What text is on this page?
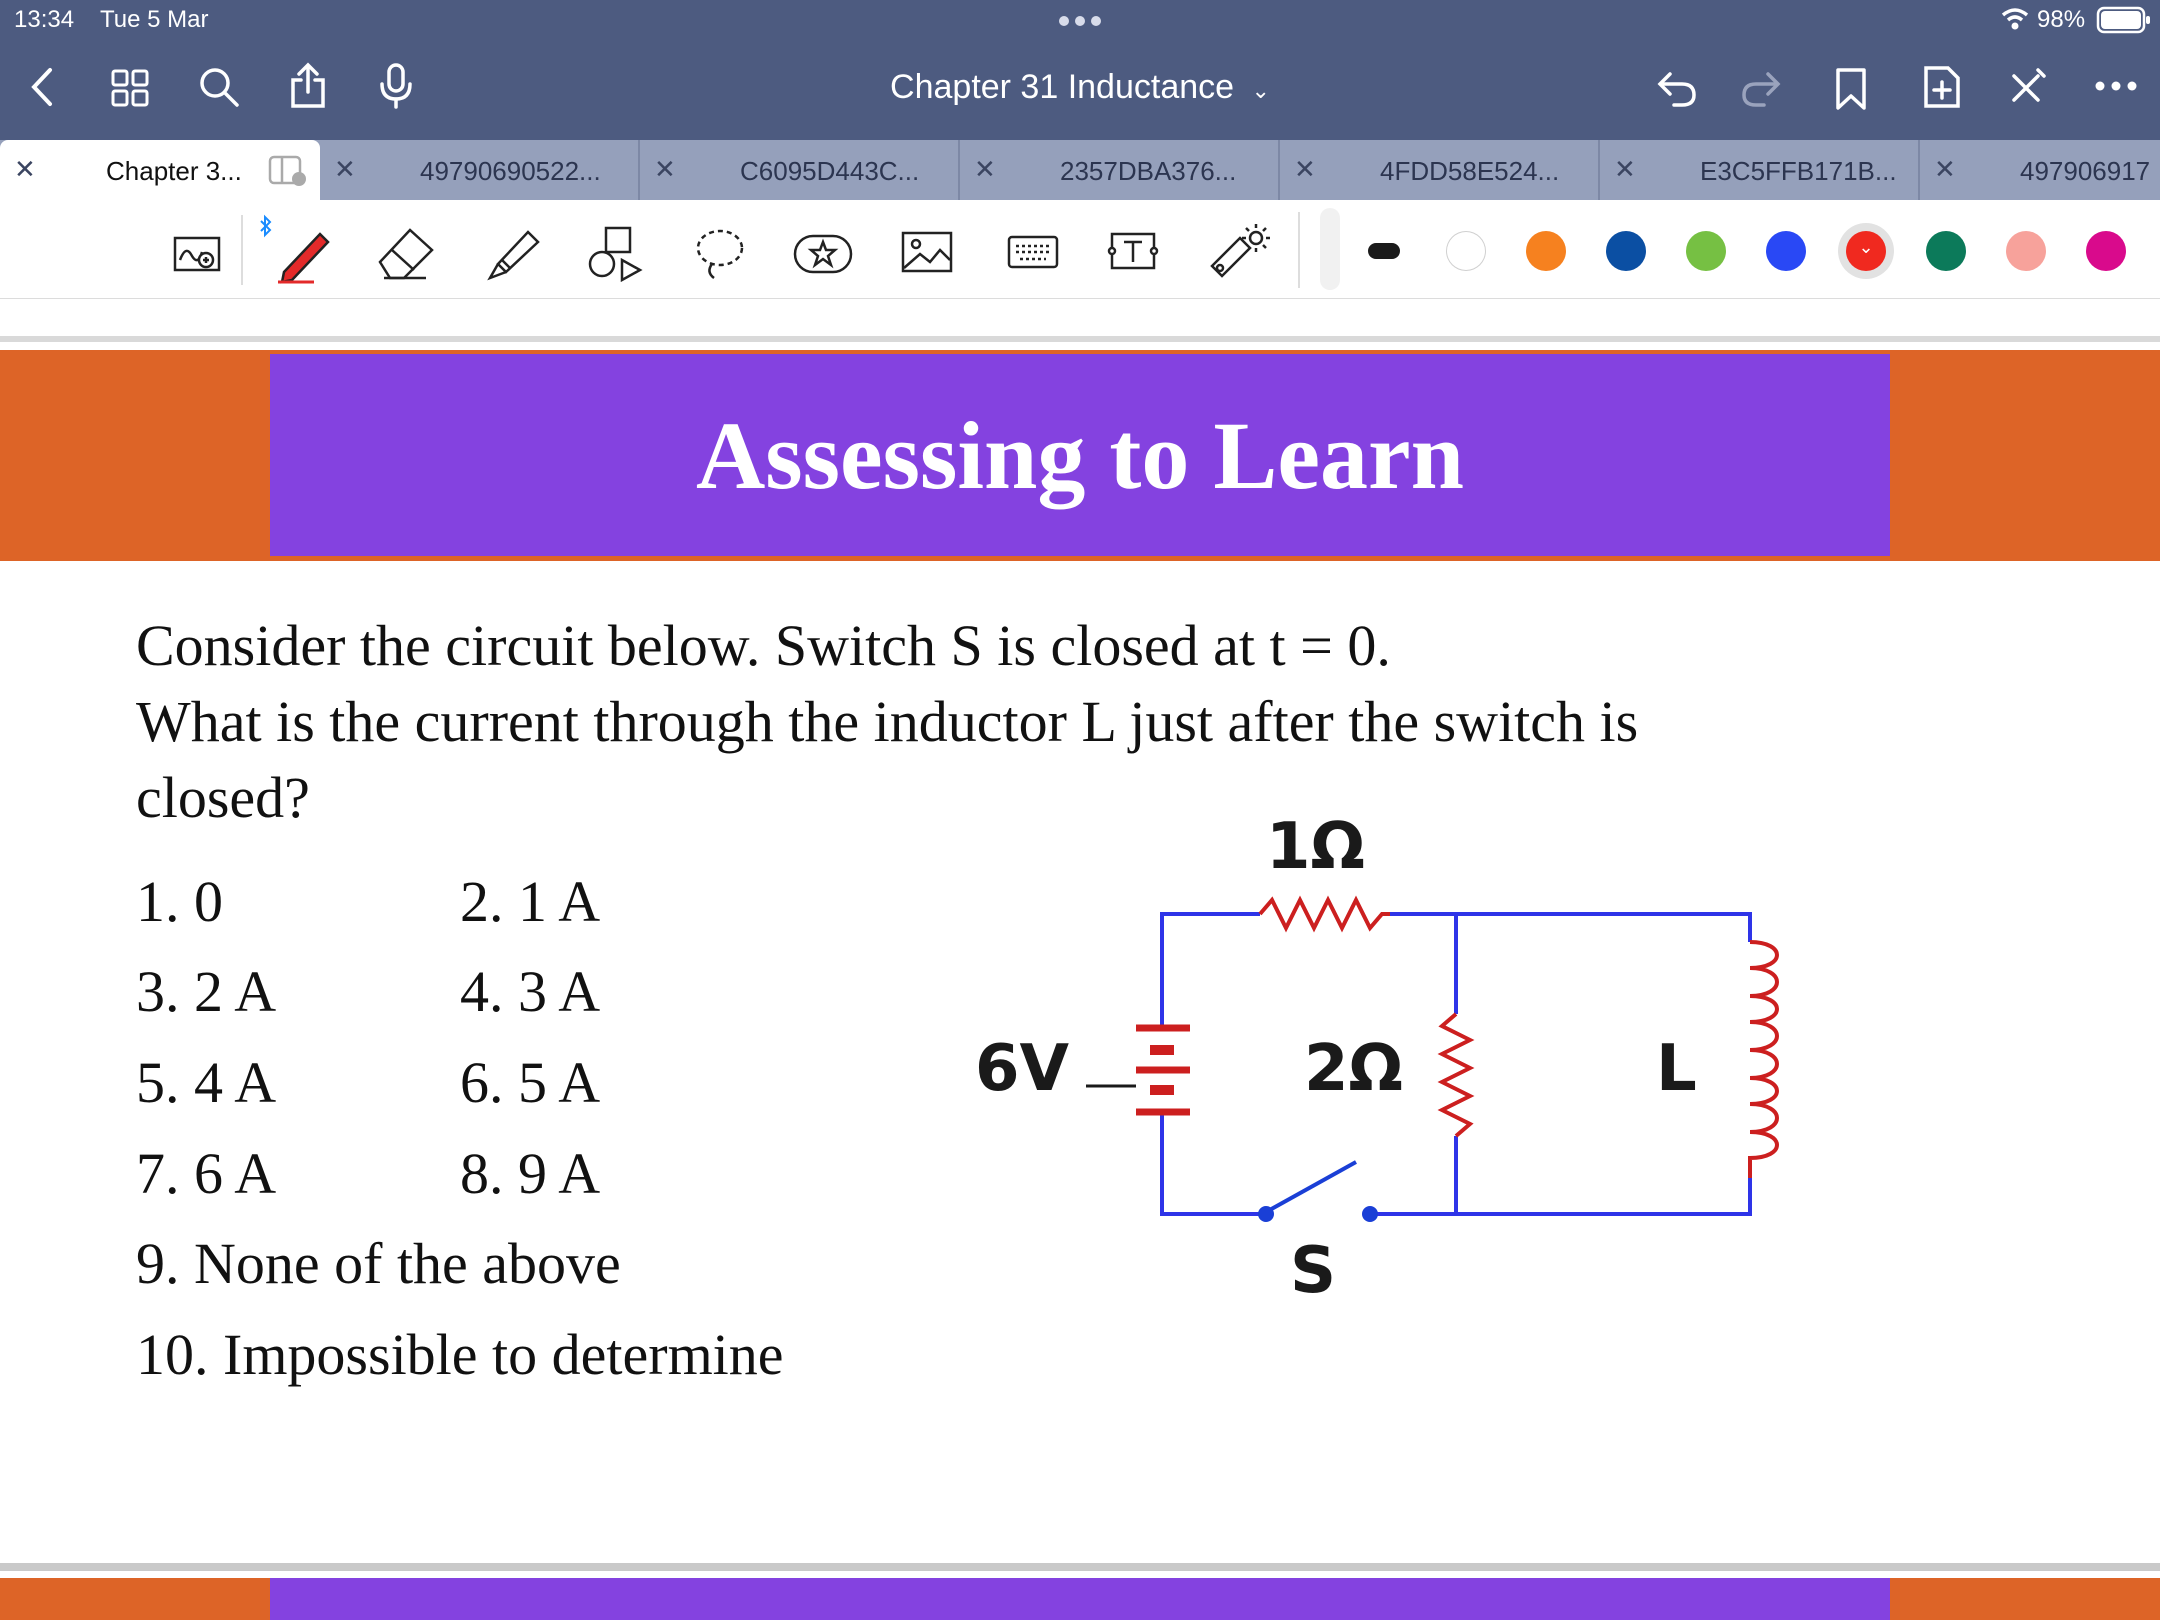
13:34 Tue 5 Mar	98%
Chapter 31 Inductance ⌄
✕	Chapter 3...	✕ 49790690522...	✕ C6095D443C...	✕ 2357DBA376...	✕ 4FDD58E524...	✕ E3C5FFB171B...	✕ 497906917
⌄
Assessing to Learn
Consider the circuit below. Switch S is closed at t = 0.
What is the current through the inductor L just after the switch is
closed?
1. 0	2. 1 A
3. 2 A	4. 3 A
5. 4 A	6. 5 A
7. 6 A	8. 9 A
9. None of the above
10. Impossible to determine
1Ω
2Ω
6V	L
S
